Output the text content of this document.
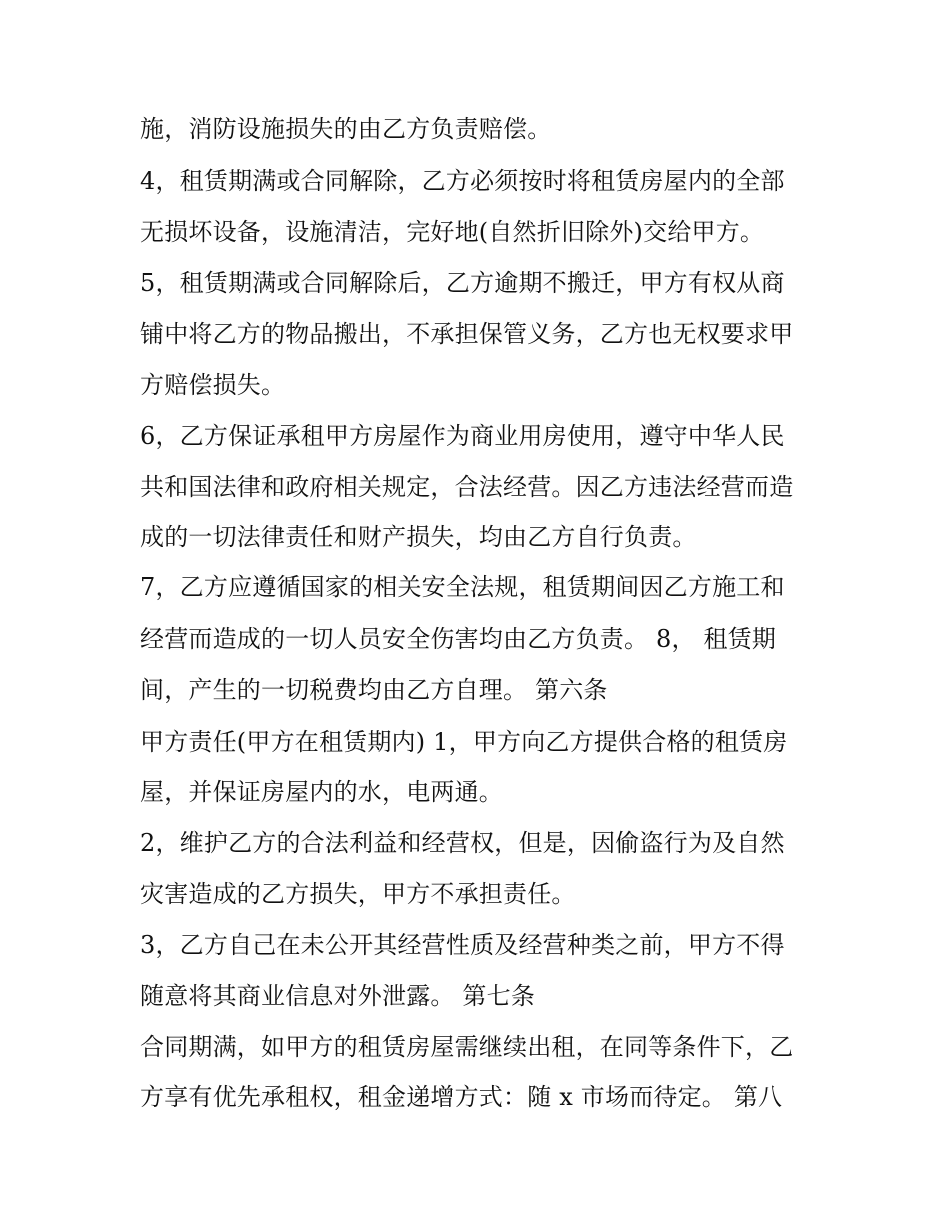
施，消防设施损失的由乙方负责赔偿。
4，租赁期满或合同解除，乙方必须按时将租赁房屋内的全部
无损坏设备，设施清洁，完好地(自然折旧除外)交给甲方。
5，租赁期满或合同解除后，乙方逾期不搬迁，甲方有权从商
铺中将乙方的物品搬出，不承担保管义务，乙方也无权要求甲
方赔偿损失。
6，乙方保证承租甲方房屋作为商业用房使用，遵守中华人民
共和国法律和政府相关规定，合法经营。因乙方违法经营而造
成的一切法律责任和财产损失，均由乙方自行负责。
7，乙方应遵循国家的相关安全法规，租赁期间因乙方施工和
经营而造成的一切人员安全伤害均由乙方负责。 8， 租赁期
间，产生的一切税费均由乙方自理。 第六条
甲方责任(甲方在租赁期内) 1，甲方向乙方提供合格的租赁房
屋，并保证房屋内的水，电两通。
2，维护乙方的合法利益和经营权，但是，因偷盗行为及自然
灾害造成的乙方损失，甲方不承担责任。
3，乙方自己在未公开其经营性质及经营种类之前，甲方不得
随意将其商业信息对外泄露。 第七条
合同期满，如甲方的租赁房屋需继续出租，在同等条件下，乙
方享有优先承租权，租金递增方式：随 x 市场而待定。 第八
